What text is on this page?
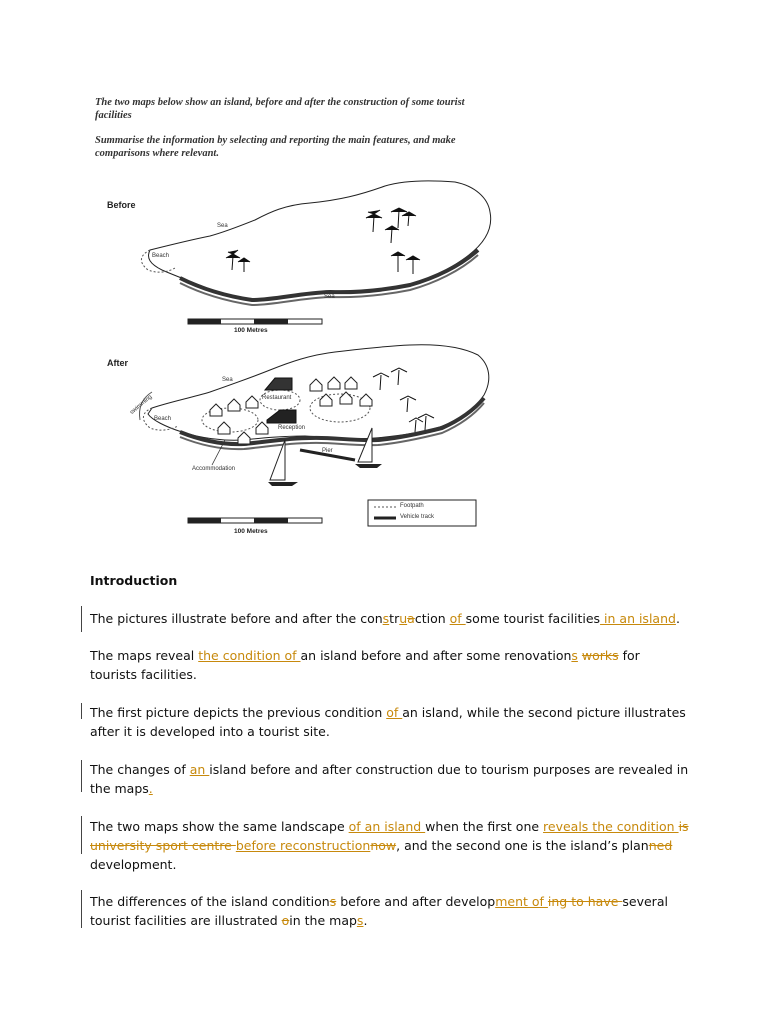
The two maps below show an island, before and after the construction of some tourist facilities
Summarise the information by selecting and reporting the main features, and make comparisons where relevant.
Before
Sea
Sea
Beach
100 Metres
After
Sea
swimming
Beach
Restaurant
Reception
Pier
Accommodation
Footpath
Vehicle track
100 Metres
Introduction
The pictures illustrate before and after the construaction of some tourist facilities in an island.
The maps reveal the condition of an island before and after some renovations works for tourists facilities.
The first picture depicts the previous condition of an island, while the second picture illustrates after it is developed into a tourist site.
The changes of an island before and after construction due to tourism purposes are revealed in the maps.
The two maps show the same landscape of an island when the first one reveals the condition is university sport centre before reconstructionnow, and the second one is the island’s planned development.
The differences of the island conditions before and after development of ing to have several tourist facilities are illustrated oin the maps.
